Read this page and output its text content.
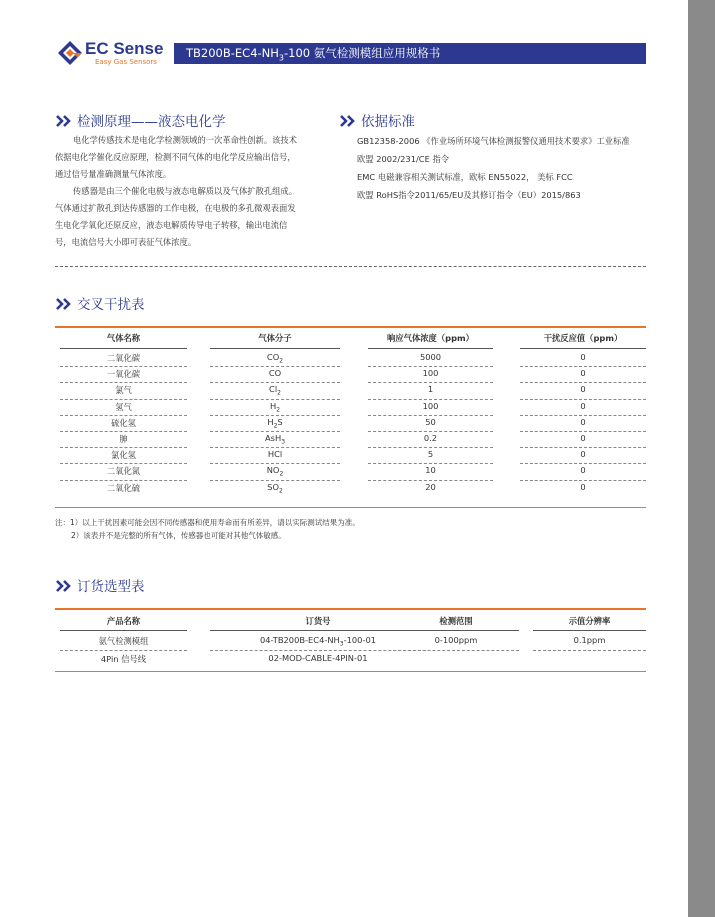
EC Sense
Easy Gas Sensors
$TB200B-EC4-NH_3-100$ 氨气检测模组应用规格书
检测原理——液态电化学

电化学传感技术是电化学检测领域的一次革命性创新。该技术依据电化学催化反应原理，检测不同气体的电化学反应输出信号，通过信号量准确测量气体浓度。

传感器是由三个催化电极与液态电解质以及气体扩散孔组成。气体通过扩散孔到达传感器的工作电极，在电极的多孔微观表面发生电化学氧化还原反应，液态电解质传导电子转移，输出电流信号，电流信号大小即可表征气体浓度。

依据标准
GB12358-2006 《作业场所环境气体检测报警仪通用技术要求》工业标准
欧盟 2002/231/CE 指令
EMC 电磁兼容相关测试标准，欧标 EN55022， 美标 FCC
欧盟 RoHS指令2011/65/EU及其修订指令（EU）2015/863
交叉干扰表
气体名称	气体分子	响应气体浓度（ppm）	干扰反应值（ppm）
二氧化碳	$CO_2$	5000	0
一氧化碳	CO	100	0
氯气	$Cl_2$	1	0
氢气	$H_2$	100	0
硫化氢	$H_2S$	50	0
胂	AsH$_3$	0.2	0
氯化氢	HCl	5	0
二氧化氮	$NO_2$	10	0
二氧化硫	$SO_2$	20	0
注：1）以上干扰因素可能会因不同传感器和使用寿命而有所差异，请以实际测试结果为准。
2）该表并不是完整的所有气体，传感器也可能对其他气体敏感。
订货选型表
产品名称	订货号	检测范围	示值分辨率
氨气检测模组	$04-TB200B-EC4-NH_3-100-01$	0-100ppm	0.1ppm
4Pin 信号线	02-MOD-CABLE-4PIN-01
